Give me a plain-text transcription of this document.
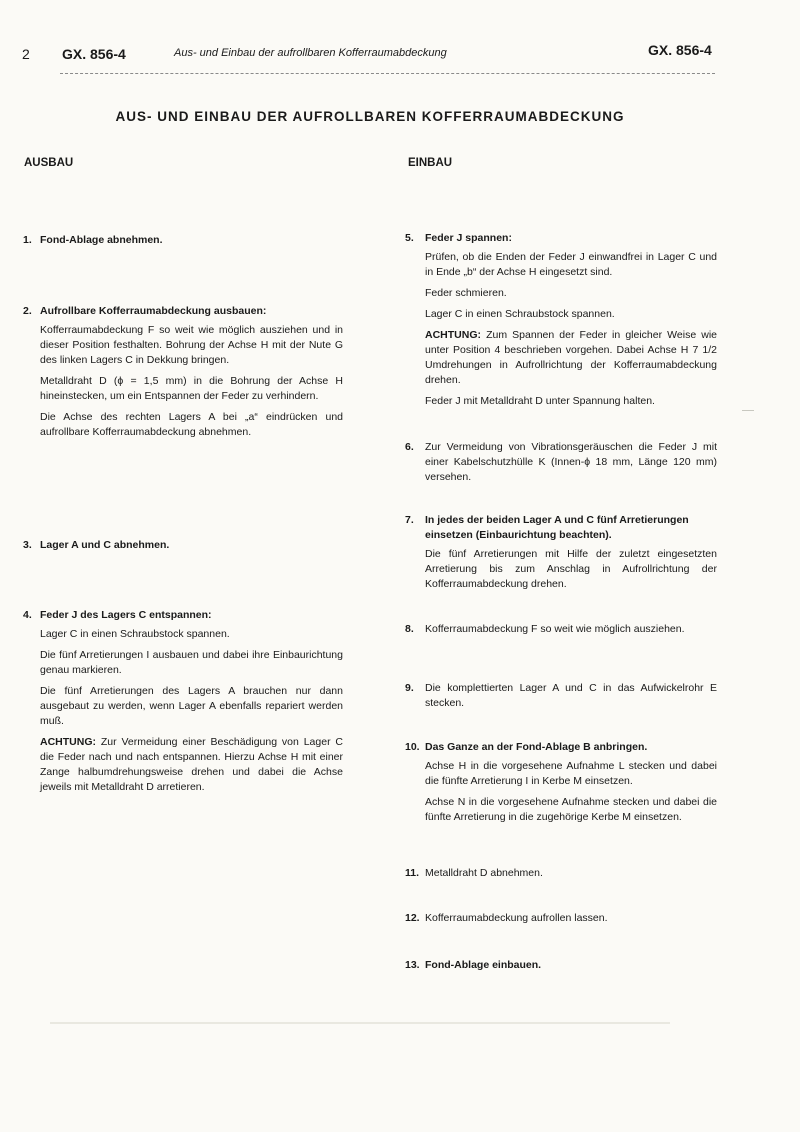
2 GX. 856-4	Aus- und Einbau der aufrollbaren Kofferraumabdeckung	GX. 856-4
AUS- UND EINBAU DER AUFROLLBAREN KOFFERRAUMABDECKUNG
AUSBAU	EINBAU
1. Fond-Ablage abnehmen.
2. Aufrollbare Kofferraumabdeckung ausbauen:

Kofferraumabdeckung F so weit wie möglich ausziehen und in dieser Position festhalten. Bohrung der Achse H mit der Nute G des linken Lagers C in Dekkung bringen.

Metalldraht D (ϕ = 1,5 mm) in die Bohrung der Achse H hineinstecken, um ein Entspannen der Feder zu verhindern.

Die Achse des rechten Lagers A bei „a“ eindrücken und aufrollbare Kofferraumabdeckung abnehmen.

3. Lager A und C abnehmen.
4. Feder J des Lagers C entspannen:

Lager C in einen Schraubstock spannen.

Die fünf Arretierungen I ausbauen und dabei ihre Einbaurichtung genau markieren.

Die fünf Arretierungen des Lagers A brauchen nur dann ausgebaut zu werden, wenn Lager A ebenfalls repariert werden muß.

ACHTUNG: Zur Vermeidung einer Beschädigung von Lager C die Feder nach und nach entspannen. Hierzu Achse H mit einer Zange halbumdrehungsweise drehen und dabei die Achse jeweils mit Metalldraht D arretieren.

5. Feder J spannen:

Prüfen, ob die Enden der Feder J einwandfrei in Lager C und in Ende „b“ der Achse H eingesetzt sind.

Feder schmieren.

Lager C in einen Schraubstock spannen.

ACHTUNG: Zum Spannen der Feder in gleicher Weise wie unter Position 4 beschrieben vorgehen. Dabei Achse H 7 1/2 Umdrehungen in Aufrollrichtung der Kofferraumabdeckung drehen.

Feder J mit Metalldraht D unter Spannung halten.

6. Zur Vermeidung von Vibrationsgeräuschen die Feder J mit einer Kabelschutzhülle K (Innen-ϕ 18 mm, Länge 120 mm) versehen.

7. In jedes der beiden Lager A und C fünf Arretierungen einsetzen (Einbaurichtung beachten).

Die fünf Arretierungen mit Hilfe der zuletzt eingesetzten Arretierung bis zum Anschlag in Aufrollrichtung der Kofferraumabdeckung drehen.

8. Kofferraumabdeckung F so weit wie möglich ausziehen.

9. Die komplettierten Lager A und C in das Aufwickelrohr E stecken.

10. Das Ganze an der Fond-Ablage B anbringen.

Achse H in die vorgesehene Aufnahme L stecken und dabei die fünfte Arretierung I in Kerbe M einsetzen.

Achse N in die vorgesehene Aufnahme stecken und dabei die fünfte Arretierung in die zugehörige Kerbe M einsetzen.

11. Metalldraht D abnehmen.

12. Kofferraumabdeckung aufrollen lassen.

13. Fond-Ablage einbauen.
